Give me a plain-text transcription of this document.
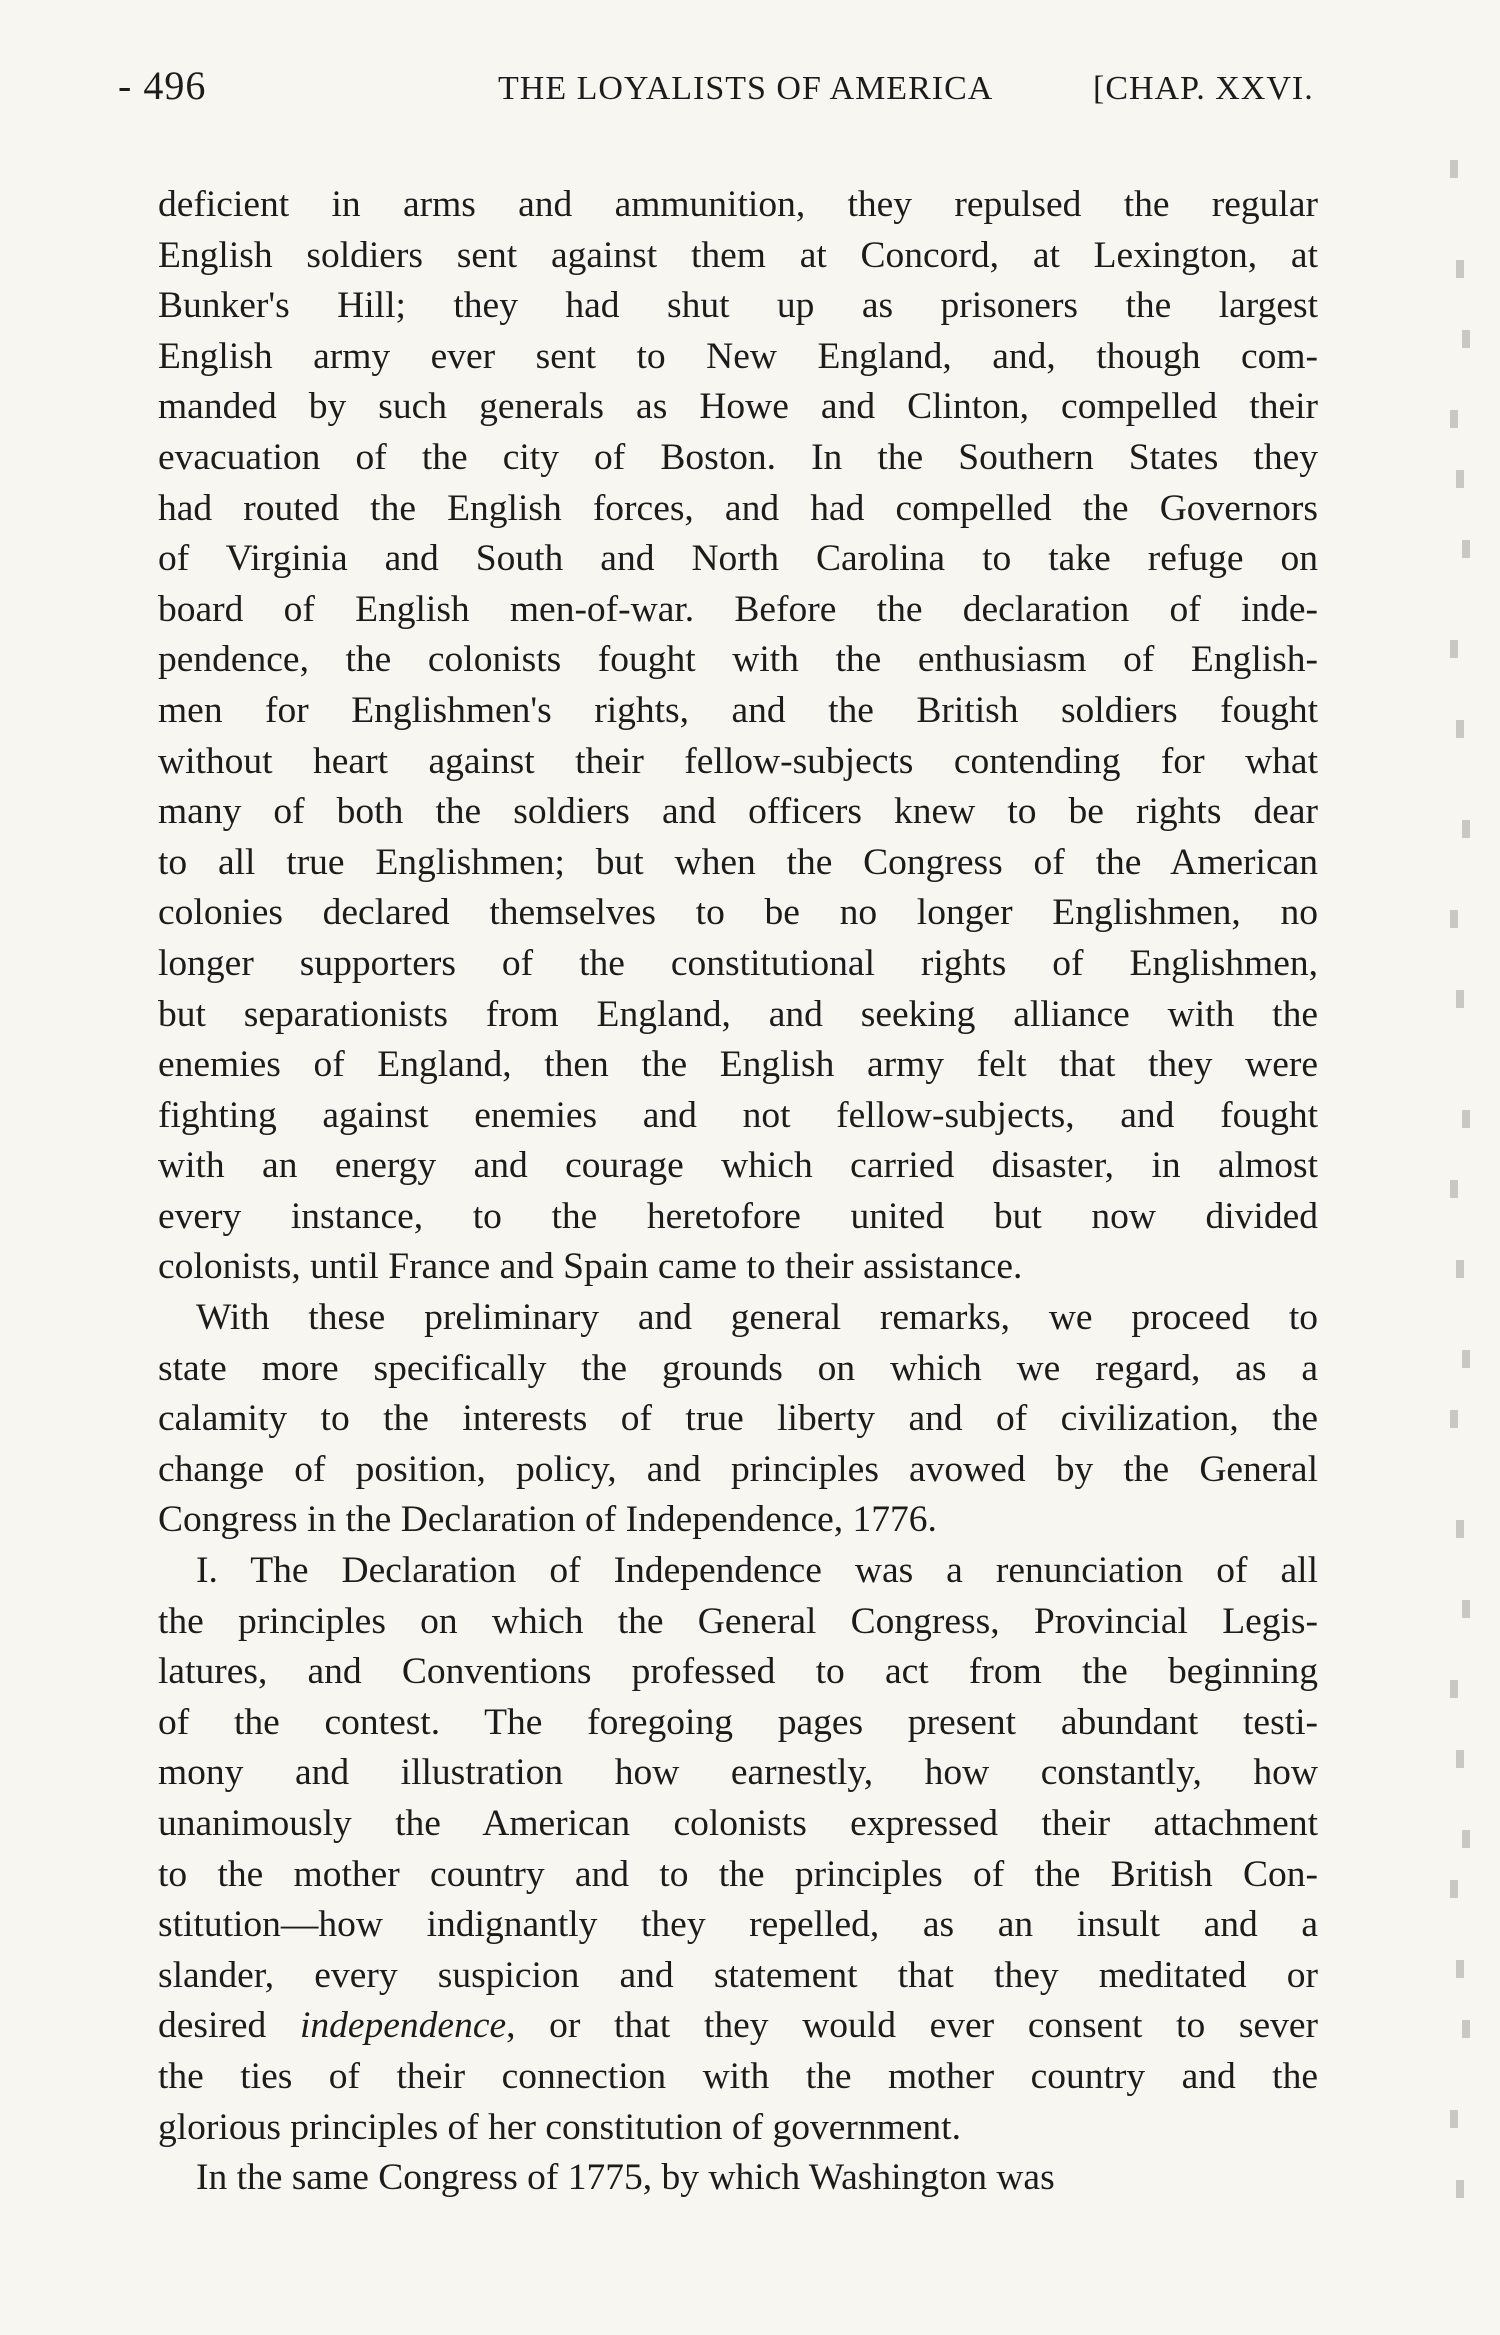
- 496	THE LOYALISTS OF AMERICA	[CHAP. XXVI.
deficient in arms and ammunition, they repulsed the regular
English soldiers sent against them at Concord, at Lexington, at
Bunker's Hill; they had shut up as prisoners the largest
English army ever sent to New England, and, though com-
manded by such generals as Howe and Clinton, compelled their
evacuation of the city of Boston. In the Southern States they
had routed the English forces, and had compelled the Governors
of Virginia and South and North Carolina to take refuge on
board of English men-of-war. Before the declaration of inde-
pendence, the colonists fought with the enthusiasm of English-
men for Englishmen's rights, and the British soldiers fought
without heart against their fellow-subjects contending for what
many of both the soldiers and officers knew to be rights dear
to all true Englishmen; but when the Congress of the American
colonies declared themselves to be no longer Englishmen, no
longer supporters of the constitutional rights of Englishmen,
but separationists from England, and seeking alliance with the
enemies of England, then the English army felt that they were
fighting against enemies and not fellow-subjects, and fought
with an energy and courage which carried disaster, in almost
every instance, to the heretofore united but now divided
colonists, until France and Spain came to their assistance.
With these preliminary and general remarks, we proceed to
state more specifically the grounds on which we regard, as a
calamity to the interests of true liberty and of civilization, the
change of position, policy, and principles avowed by the General
Congress in the Declaration of Independence, 1776.
I. The Declaration of Independence was a renunciation of all
the principles on which the General Congress, Provincial Legis-
latures, and Conventions professed to act from the beginning
of the contest. The foregoing pages present abundant testi-
mony and illustration how earnestly, how constantly, how
unanimously the American colonists expressed their attachment
to the mother country and to the principles of the British Con-
stitution—how indignantly they repelled, as an insult and a
slander, every suspicion and statement that they meditated or
desired independence, or that they would ever consent to sever
the ties of their connection with the mother country and the
glorious principles of her constitution of government.
In the same Congress of 1775, by which Washington was
